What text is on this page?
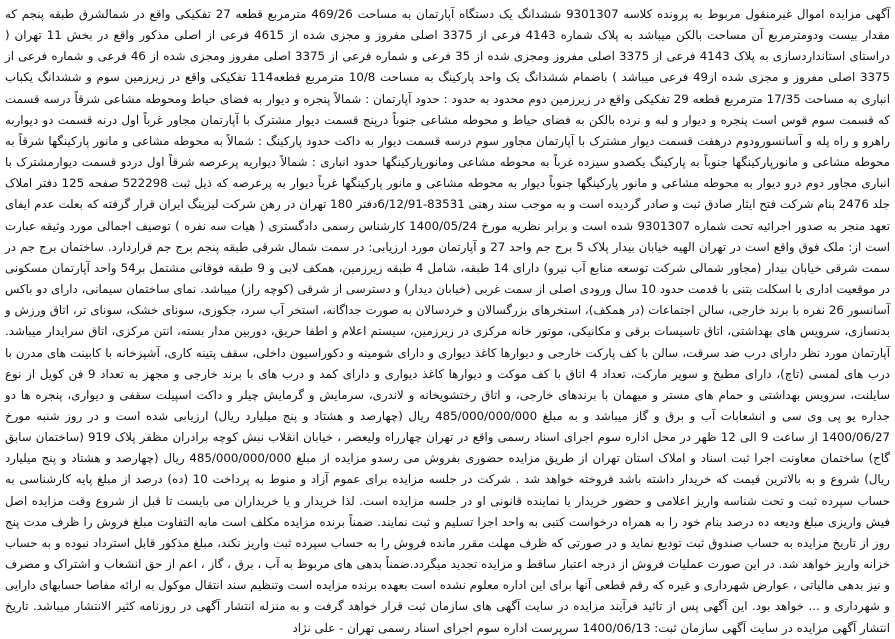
آگهی مزایده اموال غیرمنقول مربوط به پرونده کلاسه 9301307 ششدانگ یک دستگاه آپارتمان به مساحت 469/26 مترمربع قطعه 27 تفکیکی واقع در شمالشرق طبقه پنجم که مقدار بیست ودومترمربع آن مساحت بالکن میباشد به پلاک شماره 4143 فرعی از 3375 اصلی مفروز و مجزی شده از 4615 فرعی از اصلی مذکور واقع در بخش 11 تهران ( دراستای استانداردسازی به پلاک 4143 فرعی از 3375 اصلی مفروز ومجزی شده از 35 فرعی و شماره فرعی از 3375 اصلی مفروز ومجزی شده از 46 فرعی و شماره فرعی از 3375 اصلی مفروز و مجزی شده از49 فرعی میباشد ) باضمام ششدانگ یک واحد پارکینگ به مساحت 10/8 مترمربع قطعه114 تفکیکی واقع در زیرزمین سوم و ششدانگ یکباب انباری به مساحت 17/35 مترمربع قطعه 29 تفکیکی واقع در زیرزمین دوم محدود به حدود : حدود آپارتمان : شمالاً پنجره و دیوار به فضای حیاط ومحوطه مشاعی شرقاً درسه قسمت که قسمت سوم قوس است پنجره و دیوار و لبه و نرده بالکن به فضای حیاط و محوطه مشاعی جنوباً درپنج قسمت دیوار مشترک با آپارتمان مجاور غرباً اول درنه قسمت دو دیواربه راهرو و راه پله و آسانسورودوم درهفت قسمت دیوار مشترک با آپارتمان مجاور سوم درسه قسمت دیوار به داکت حدود پارکینگ : شمالاً به محوطه مشاعی و مانور پارکینگها شرقاً به محوطه مشاعی و مانورپارکینگها جنوباً به پارکینگ یکصدو سیزده غرباً به محوطه مشاعی ومانورپارکینگها حدود انباری : شمالاً دیواریه پرعرصه شرقاً اول دردو قسمت دیوارمشترک با انباری مجاور دوم درو دیوار به محوطه مشاعی و مانور پارکینگها جنوباً دیوار به محوطه مشاعی و مانور پارکینگها غرباً دیوار به پرعرصه که ذیل ثبت 522298 صفحه 125 دفتر املاک جلد 2476 بنام شرکت فتح ایثار صادق ثبت و صادر گردیده است و به موجب سند رهنی 83531-6/12/91دفتر 180 تهران در رهن شرکت لیزینگ ایران قرار گرفته که بعلت عدم ایفای تعهد منجر به صدور اجرائیه تحت شماره 9301307 شده است و برابر نظریه مورخ 1400/05/24 کارشناس رسمی دادگستری ( هیات سه نفره ) توصیف اجمالی مورد وثیقه عبارت است از: ملک فوق واقع است در تهران الهیه خیابان بیدار پلاک 5 برج جم واحد 27 و آپارتمان مورد ارزیابی: در سمت شمال شرقی طبقه پنجم برج جم قراردارد. ساختمان برج جم در سمت شرقی خیابان بیدار (مجاور شمالی شرکت توسعه منابع آب نیرو) دارای 14 طبقه، شامل 4 طبقه زیرزمین، همکف لابی و 9 طبقه فوقانی مشتمل بر54 واحد آپارتمان مسکونی در موقعیت اداری با اسکلت بتنی با قدمت حدود 10 سال ورودی اصلی از سمت غربی (خیابان دیدار) و دسترسی از شرقی (کوچه راز) میباشد. نمای ساختمان سیمانی، دارای دو باکس آسانسور 26 نفره با برند خارجی، سالن اجتماعات (در همکف)، استخرهای بزرگسالان و خردسالان به صورت جداگانه، استخر آب سرد، جکوزی، سونای خشک، سونای تر، اتاق ورزش و بدنسازی، سرویس های بهداشتی، اتاق تاسیسات برقی و مکانیکی، موتور خانه مرکزی در زیرزمین، سیستم اعلام و اطفا حریق، دوربین مدار بسته، انتن مرکزی، اتاق سرایدار میباشد. آپارتمان مورد نظر دارای درب ضد سرقت، سالن با کف پارکت خارجی و دیوارها کاغذ دیواری و دارای شومینه و دکوراسیون داخلی، سقف پتینه کاری، آشپزخانه با کابینت های مدرن با درب های لمسی (تاچ)، دارای مطبخ و سوپر مارکت، تعداد 4 اتاق با کف موکت و دیوارها کاغذ دیواری و دارای کمد و درب های با برند خارجی و مجهز به تعداد 9 فن کویل از نوع سایلنت، سرویس بهداشتی و حمام های مستر و میهمان با برندهای خارجی، و اتاق رختشویخانه و لاندری، سرمایش و گرمایش چیلر و داکت اسپیلت سقفی و دیواری، پنجره ها دو جداره یو پی وی سی و انشعابات آب و برق و گاز میباشد و به مبلغ 485/000/000/000 ریال (چهارصد و هشتاد و پنج میلیارد ریال) ارزیابی شده است و در روز شنبه مورخ 1400/06/27 از ساعت 9 الی 12 ظهر در محل اداره سوم اجرای اسناد رسمی واقع در تهران چهارراه ولیعصر ، خیابان انقلاب نبش کوچه برادران مظفر پلاک 919 (ساختمان سابق گاج) ساختمان معاونت اجرا ثبت اسناد و املاک استان تهران از طریق مزایده حضوری بفروش می رسدو مزایده از مبلغ 485/000/000/000 ریال (چهارصد و هشتاد و پنج میلیارد ریال) شروع و به بالاترین قیمت که خریدار داشته باشد فروخته خواهد شد . شرکت در جلسه مزایده برای عموم آزاد و منوط به پرداخت 10 (ده) درصد از مبلغ پایه کارشناسی به حساب سپرده ثبت و تحت شناسه واریز اعلامی و حضور خریدار یا نماینده قانونی او در جلسه مزایده است. لذا خریدار و یا خریداران می بایست تا قبل از شروع وقت مزایده اصل فیش واریزی مبلغ ودیعه ده درصد بنام خود را به همراه درخواست کتبی به واحد اجرا تسلیم و ثبت نمایند. ضمناً برنده مزایده مکلف است مابه التفاوت مبلغ فروش را ظرف مدت پنج روز از تاریخ مزایده به حساب صندوق ثبت تودیع نماید و در صورتی که ظرف مهلت مقرر مانده فروش را به حساب سپرده ثبت واریز نکند، مبلغ مذکور قابل استرداد نبوده و به حساب خزانه واریز خواهد شد. در این صورت عملیات فروش از درجه اعتبار ساقط و مزایده تجدید میگردد.ضمناً بدهی های مربوط به آب ، برق ، گاز ، اعم از حق انشعاب و اشتراک و مصرف و نیز بدهی مالیاتی ، عوارض شهرداری و غیره که رقم قطعی آنها برای این اداره معلوم نشده است بعهده برنده مزایده است وتنظیم سند انتقال موکول به ارائه مفاصا حسابهای دارایی و شهرداری و ... خواهد بود. این آگهی پس از تائید فرآیند مزایده در سایت آگهی های سازمان ثبت قرار خواهد گرفت و به منزله انتشار آگهی در روزنامه کثیر الانتشار میباشد. تاریخ انتشار آگهی مزایده در سایت آگهی سازمان ثبت: 1400/06/13 سرپرست اداره سوم اجرای اسناد رسمی تهران - علی نژاد
